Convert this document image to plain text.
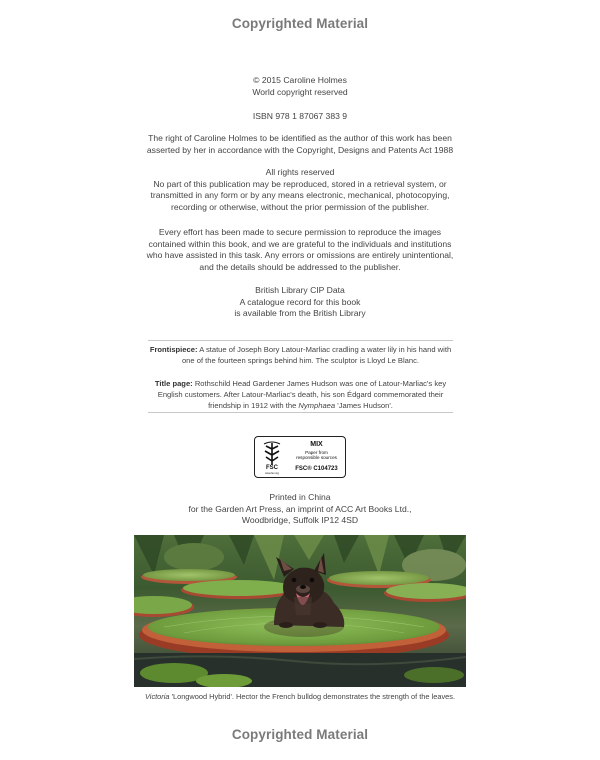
Copyrighted Material
© 2015 Caroline Holmes
World copyright reserved
ISBN 978 1 87067 383 9
The right of Caroline Holmes to be identified as the author of this work has been
asserted by her in accordance with the Copyright, Designs and Patents Act 1988
All rights reserved
No part of this publication may be reproduced, stored in a retrieval system, or
transmitted in any form or by any means electronic, mechanical, photocopying,
recording or otherwise, without the prior permission of the publisher.
Every effort has been made to secure permission to reproduce the images
contained within this book, and we are grateful to the individuals and institutions
who have assisted in this task. Any errors or omissions are entirely unintentional,
and the details should be addressed to the publisher.
British Library CIP Data
A catalogue record for this book
is available from the British Library
Frontispiece: A statue of Joseph Bory Latour-Marliac cradling a water lily in his hand with
one of the fourteen springs behind him. The sculptor is Lloyd Le Blanc.
Title page: Rothschild Head Gardener James Hudson was one of Latour-Marliac's key
English customers. After Latour-Marliac's death, his son Édgard commemorated their
friendship in 1912 with the Nymphaea 'James Hudson'.
FSC
www.fsc.org
MIX
Paper from
responsible sources
FSC® C104723
Printed in China
for the Garden Art Press, an imprint of ACC Art Books Ltd.,
Woodbridge, Suffolk IP12 4SD
Victoria 'Longwood Hybrid'. Hector the French bulldog demonstrates the strength of the leaves.
Copyrighted Material
